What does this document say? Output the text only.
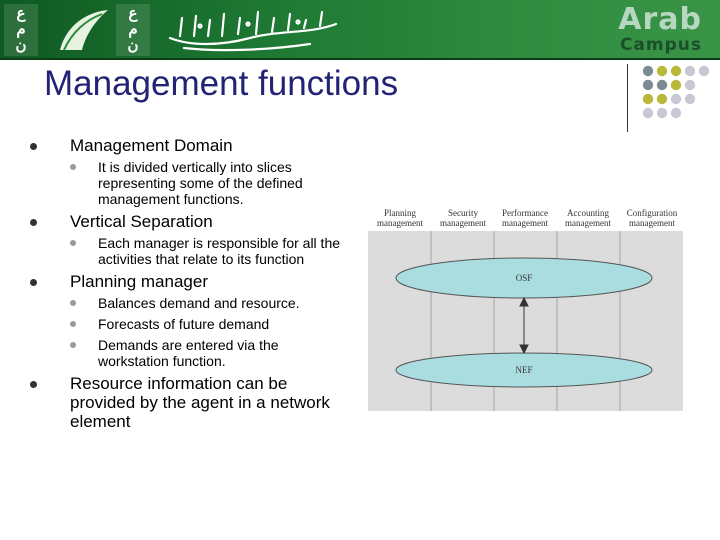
ع
م
ن
ع
م
ن
Arab
Campus
Management functions
Management Domain
It is divided vertically into slices representing some of the defined management functions.
Vertical Separation
Each manager is responsible for all the activities that relate to its function
Planning manager
Balances demand and resource.
Forecasts of future demand
Demands are entered via the workstation function.
Resource information can be provided by the agent in a network element
Planning
management
Security
management
Performance
management
Accounting
management
Configuration
management
OSF
NEF
